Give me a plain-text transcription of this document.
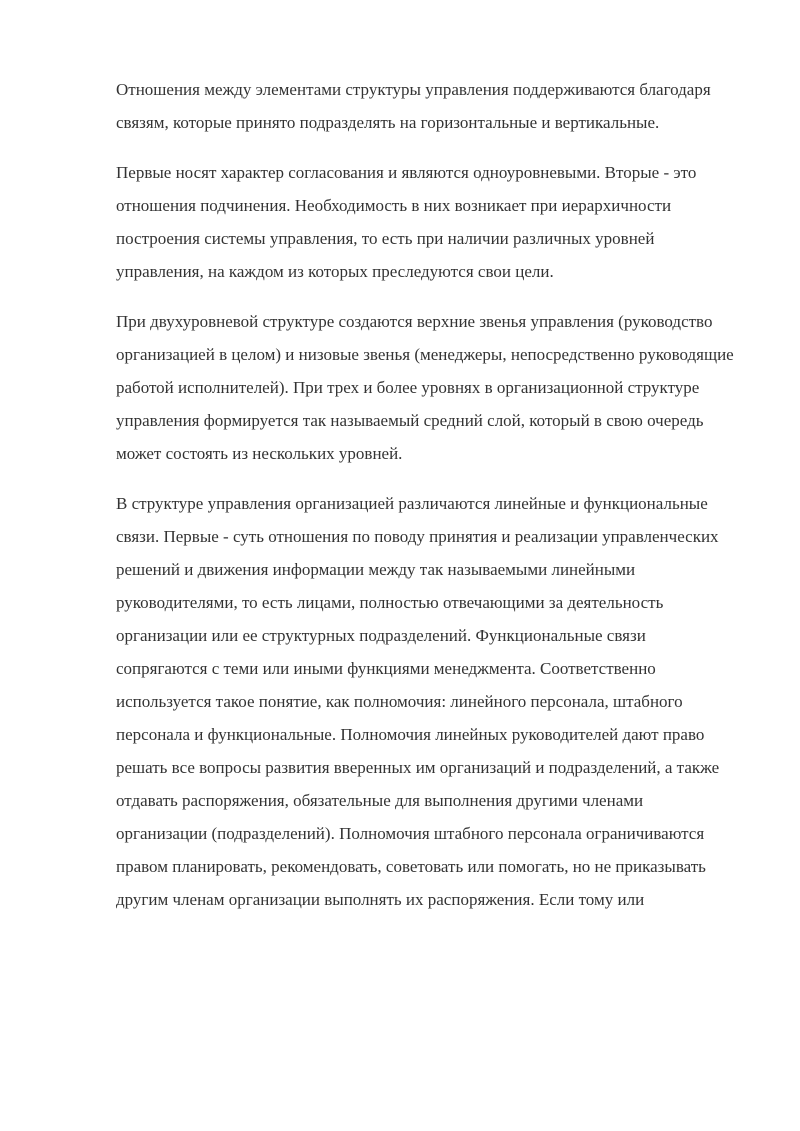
Отношения между элементами структуры управления поддерживаются благодаря связям, которые принято подразделять на горизонтальные и вертикальные.

Первые носят характер согласования и являются одноуровневыми. Вторые - это отношения подчинения. Необходимость в них возникает при иерархичности построения системы управления, то есть при наличии различных уровней управления, на каждом из которых преследуются свои цели.

При двухуровневой структуре создаются верхние звенья управления (руководство организацией в целом) и низовые звенья (менеджеры, непосредственно руководящие работой исполнителей). При трех и более уровнях в организационной структуре управления формируется так называемый средний слой, который в свою очередь может состоять из нескольких уровней.

В структуре управления организацией различаются линейные и функциональные связи. Первые - суть отношения по поводу принятия и реализации управленческих решений и движения информации между так называемыми линейными руководителями, то есть лицами, полностью отвечающими за деятельность организации или ее структурных подразделений. Функциональные связи сопрягаются с теми или иными функциями менеджмента. Соответственно используется такое понятие, как полномочия: линейного персонала, штабного персонала и функциональные. Полномочия линейных руководителей дают право решать все вопросы развития вверенных им организаций и подразделений, а также отдавать распоряжения, обязательные для выполнения другими членами организации (подразделений). Полномочия штабного персонала ограничиваются правом планировать, рекомендовать, советовать или помогать, но не приказывать другим членам организации выполнять их распоряжения. Если тому или
